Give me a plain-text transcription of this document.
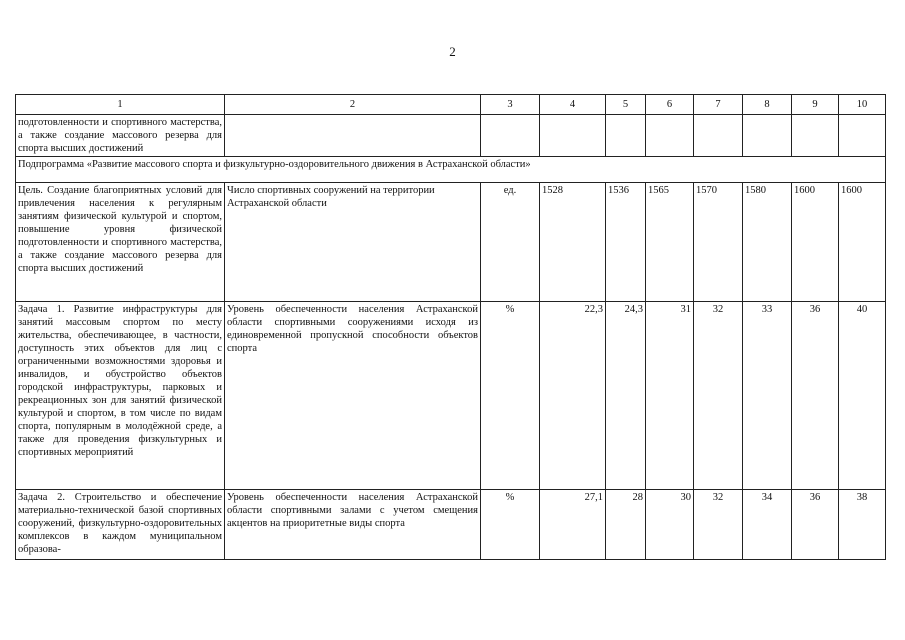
2
1	2	3	4	5	6	7	8	9	10
подготовленности и спортивного мастерства, а также создание массового резерва для спорта высших достижений									
Подпрограмма «Развитие массового спорта и физкультурно-оздоровительного движения в Астраханской области»									
Цель. Создание благоприятных условий для привлечения населения к регулярным занятиям физической культурой и спортом, повышение уровня физической подготовленности и спортивного мастерства, а также создание массового резерва для спорта высших достижений	Число спортивных сооружений на территории Астраханской области	ед.	1528	1536	1565	1570	1580	1600	1600
Задача 1. Развитие инфраструктуры для занятий массовым спортом по месту жительства, обеспечивающее, в частности, доступность этих объектов для лиц с ограниченными возможностями здоровья и инвалидов, и обустройство объектов городской инфраструктуры, парковых и рекреационных зон для занятий физической культурой и спортом, в том числе по видам спорта, популярным в молодёжной среде, а также для проведения физкультурных и спортивных мероприятий	Уровень обеспеченности населения Астраханской области спортивными сооружениями исходя из единовременной пропускной способности объектов спорта	%	22,3	24,3	31	32	33	36	40
Задача 2. Строительство и обеспечение материально-технической базой спортивных сооружений, физкультурно-оздоровительных комплексов в каждом муниципальном образова-	Уровень обеспеченности населения Астраханской области спортивными залами с учетом смещения акцентов на приоритетные виды спорта	%	27,1	28	30	32	34	36	38
